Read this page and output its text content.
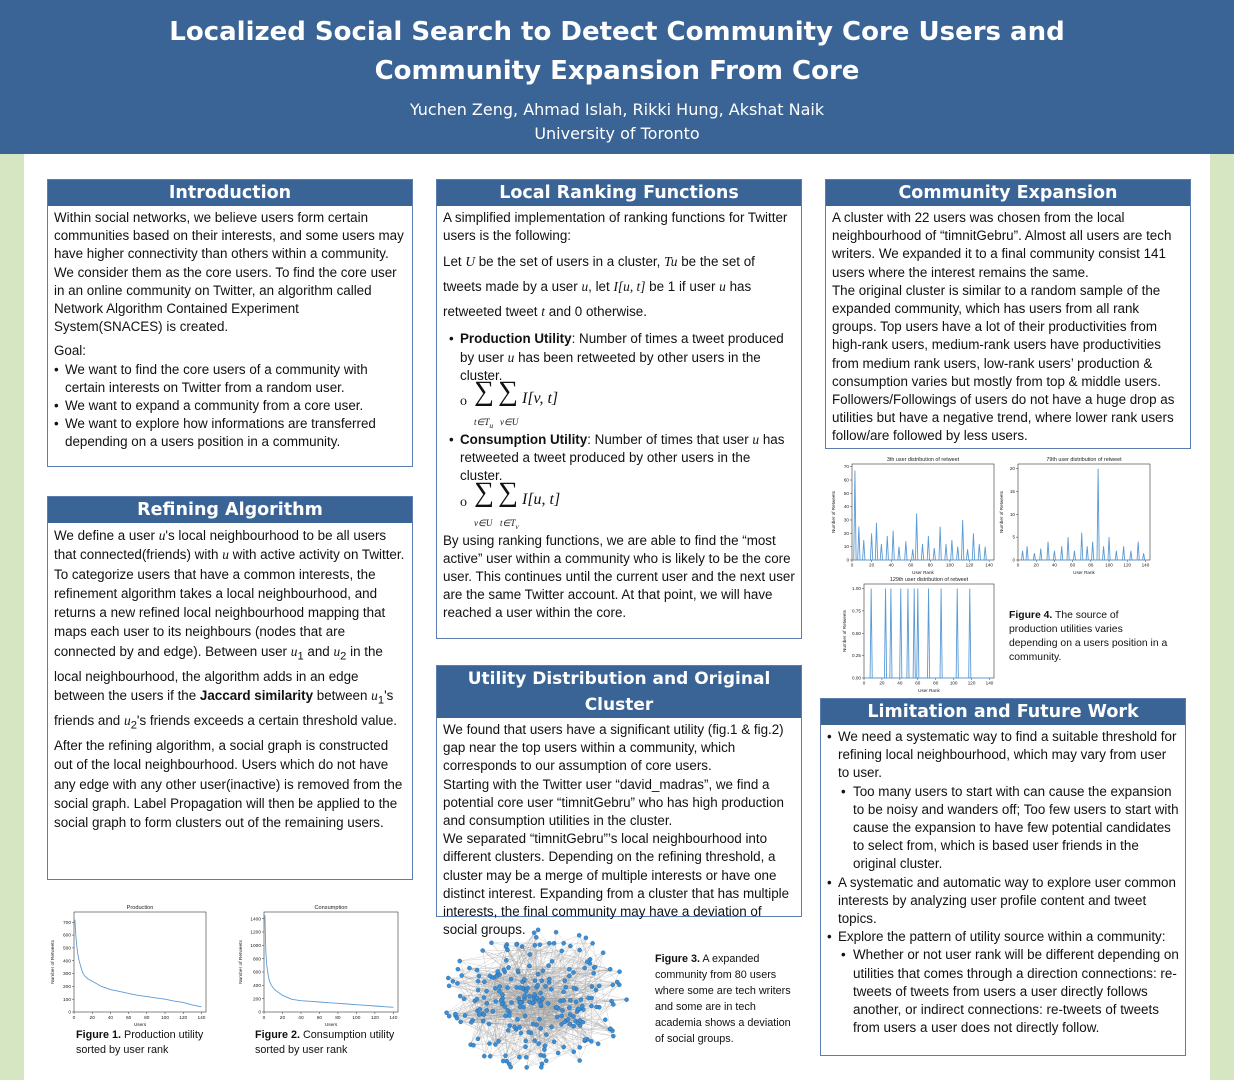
Localized Social Search to Detect Community Core Users and
Community Expansion From Core
Yuchen Zeng, Ahmad Islah, Rikki Hung, Akshat Naik
University of Toronto
Introduction

Within social networks, we believe users form certain communities based on their interests, and some users may have higher connectivity than others within a community. We consider them as the core users. To find the core user in an online community on Twitter, an algorithm called Network Algorithm Contained Experiment System(SNACES) is created.

Goal:

• We want to find the core users of a community with certain interests on Twitter from a random user.
• We want to expand a community from a core user.
• We want to explore how informations are transferred depending on a users position in a community.
Refining Algorithm

We define a user u's local neighbourhood to be all users that connected(friends) with u with active activity on Twitter.

To categorize users that have a common interests, the refinement algorithm takes a local neighbourhood, and returns a new refined local neighbourhood mapping that maps each user to its neighbours (nodes that are connected by and edge). Between user $u_1$ and $u_2$ in the local neighbourhood, the algorithm adds in an edge between the users if the Jaccard similarity between $u_1's$ friends and $u_2's$ friends exceeds a certain threshold value.

After the refining algorithm, a social graph is constructed out of the local neighbourhood. Users which do not have any edge with any other user(inactive) is removed from the social graph. Label Propagation will then be applied to the social graph to form clusters out of the remaining users.

Local Ranking Functions

A simplified implementation of ranking functions for Twitter users is the following:

Let U be the set of users in a cluster, Tu be the set of tweets made by a user u, let I[u, t] be 1 if user u has retweeted tweet t and 0 otherwise.

• Production Utility: Number of times a tweet produced by user u has been retweeted by other users in the cluster.
o ∑ ∑ I[v, t]
$t\in T_u$ v∈U
• Consumption Utility: Number of times that user u has retweeted a tweet produced by other users in the cluster.
o ∑ ∑ I[u, t]
v∈U $t\in T_v$

By using ranking functions, we are able to find the “most active” user within a community who is likely to be the core user. This continues until the current user and the next user are the same Twitter account. At that point, we will have reached a user within the core.

Utility Distribution and Original Cluster

We found that users have a significant utility (fig.1 & fig.2) gap near the top users within a community, which corresponds to our assumption of core users.

Starting with the Twitter user “david_madras”, we find a potential core user “timnitGebru” who has high production and consumption utilities in the cluster.

We separated “timnitGebru”’s local neighbourhood into different clusters. Depending on the refining threshold, a cluster may be a merge of multiple interests or have one distinct interest. Expanding from a cluster that has multiple interests, the final community may have a deviation of social groups.

Community Expansion

A cluster with 22 users was chosen from the local neighbourhood of “timnitGebru”. Almost all users are tech writers. We expanded it to a final community consist 141 users where the interest remains the same.

The original cluster is similar to a random sample of the expanded community, which has users from all rank groups. Top users have a lot of their productivities from high-rank users, medium-rank users have productivities from medium rank users, low-rank users’ production & consumption varies but mostly from top & middle users.

Followers/Followings of users do not have a huge drop as utilities but have a negative trend, where lower rank users follow/are followed by less users.

Limitation and Future Work
• We need a systematic way to find a suitable threshold for refining local neighbourhood, which may vary from user to user.
• Too many users to start with can cause the expansion to be noisy and wanders off; Too few users to start with cause the expansion to have few potential candidates to select from, which is based user friends in the original cluster.
• A systematic and automatic way to explore user common interests by analyzing user profile content and tweet topics.
• Explore the pattern of utility source within a community:
• Whether or not user rank will be different depending on utilities that comes through a direction connections: re-tweets of tweets from users a user directly follows another, or indirect connections: re-tweets of tweets from users a user does not directly follow.
Production
0	20	40	60	80 100 120 140
0
100
200
300
400
500
600
700
Users
Number of Retweets
Consumption
0	20	40	60	80 100 120 140
0
200
400
600
800
1000
1200
1400
Users
Number of Retweets
3th user distribution of retweet
0	20	40	60	80	100	120	140
0
10
20
30
40
50
60
70
User Rank
Number of Retweets
79th user distribution of retweet
0	20	40	60	80	100 120 140
0
5
10
15
20
User Rank
Number of Retweets
129th user distribution of retweet
0	20	40	60	80	100 120 140
0.00
0.25
0.50
0.75
1.00
User Rank
Number of Retweets
Figure 1. Production utility sorted by user rank
Figure 2. Consumption utility sorted by user rank
Figure 3. A expanded community from 80 users where some are tech writers and some are in tech academia shows a deviation of social groups.
Figure 4. The source of production utilities varies depending on a users position in a community.
